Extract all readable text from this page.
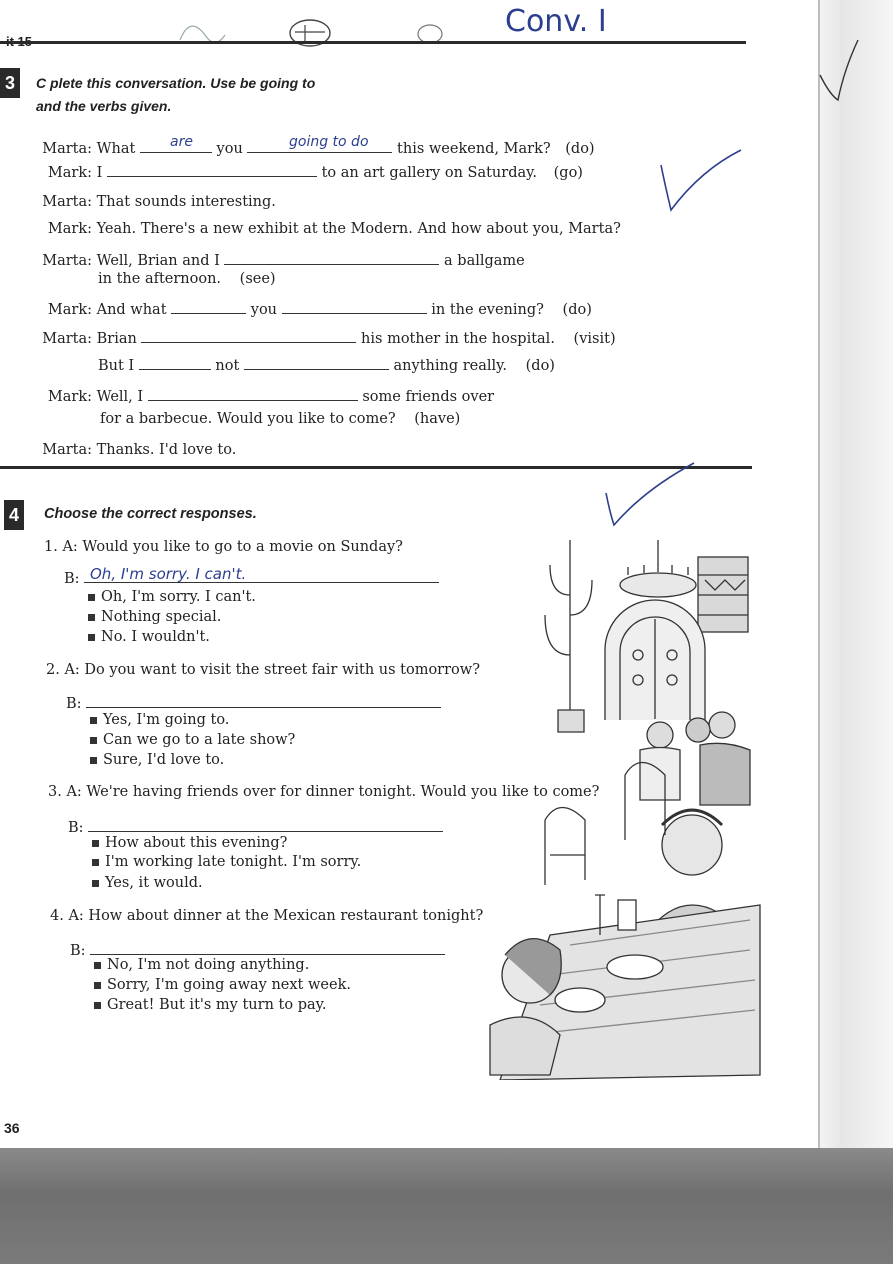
Conv. I
3	C plete this conversation. Use be going to
and the verbs given.
Marta: What	you	this weekend, Mark? (do)
are	going to do
Mark: I	to an art gallery on Saturday. (go)
Marta: That sounds interesting.
Mark: Yeah. There's a new exhibit at the Modern. And how about you, Marta?
Marta: Well, Brian and I	a ballgame
in the afternoon. (see)
Mark: And what	you	in the evening? (do)
Marta: Brian	his mother in the hospital. (visit)
But I	not	anything really. (do)
Mark: Well, I	some friends over
for a barbecue. Would you like to come? (have)
Marta: Thanks. I'd love to.
4	Choose the correct responses.
1. A: Would you like to go to a movie on Sunday?
B: Oh, I'm sorry. I can't.
Oh, I'm sorry. I can't.
Nothing special.
No. I wouldn't.
2. A: Do you want to visit the street fair with us tomorrow?
B:
Yes, I'm going to.
Can we go to a late show?
Sure, I'd love to.
3. A: We're having friends over for dinner tonight. Would you like to come?
B:
How about this evening?
I'm working late tonight. I'm sorry.
Yes, it would.
4. A: How about dinner at the Mexican restaurant tonight?
B:
No, I'm not doing anything.
Sorry, I'm going away next week.
Great! But it's my turn to pay.
36
